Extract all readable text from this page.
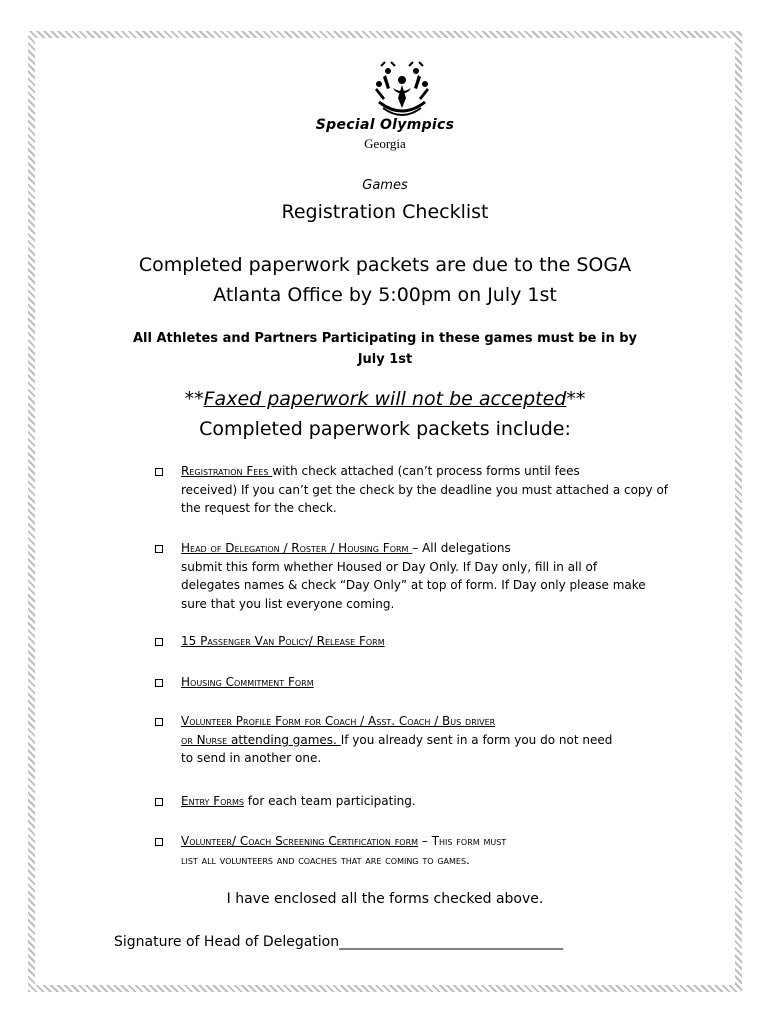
Special Olympics
Georgia
Games
Registration Checklist
Completed paperwork packets are due to the SOGA
Atlanta Office by 5:00pm on July 1st
All Athletes and Partners Participating in these games must be in by
July 1st
**Faxed paperwork will not be accepted**
Completed paperwork packets include:
Registration Fees with check attached (can’t process forms until fees
received) If you can’t get the check by the deadline you must attached a copy of
the request for the check.
Head of Delegation / Roster / Housing Form – All delegations
submit this form whether Housed or Day Only. If Day only, fill in all of
delegates names & check “Day Only” at top of form. If Day only please make
sure that you list everyone coming.
15 Passenger Van Policy/ Release Form
Housing Commitment Form
Volunteer Profile Form for Coach / Asst. Coach / Bus driver
or Nurse attending games. If you already sent in a form you do not need
to send in another one.
Entry Forms for each team participating.
Volunteer/ Coach Screening Certification form – This form must
list all volunteers and coaches that are coming to games.
I have enclosed all the forms checked above.
Signature of Head of Delegation________________________________
